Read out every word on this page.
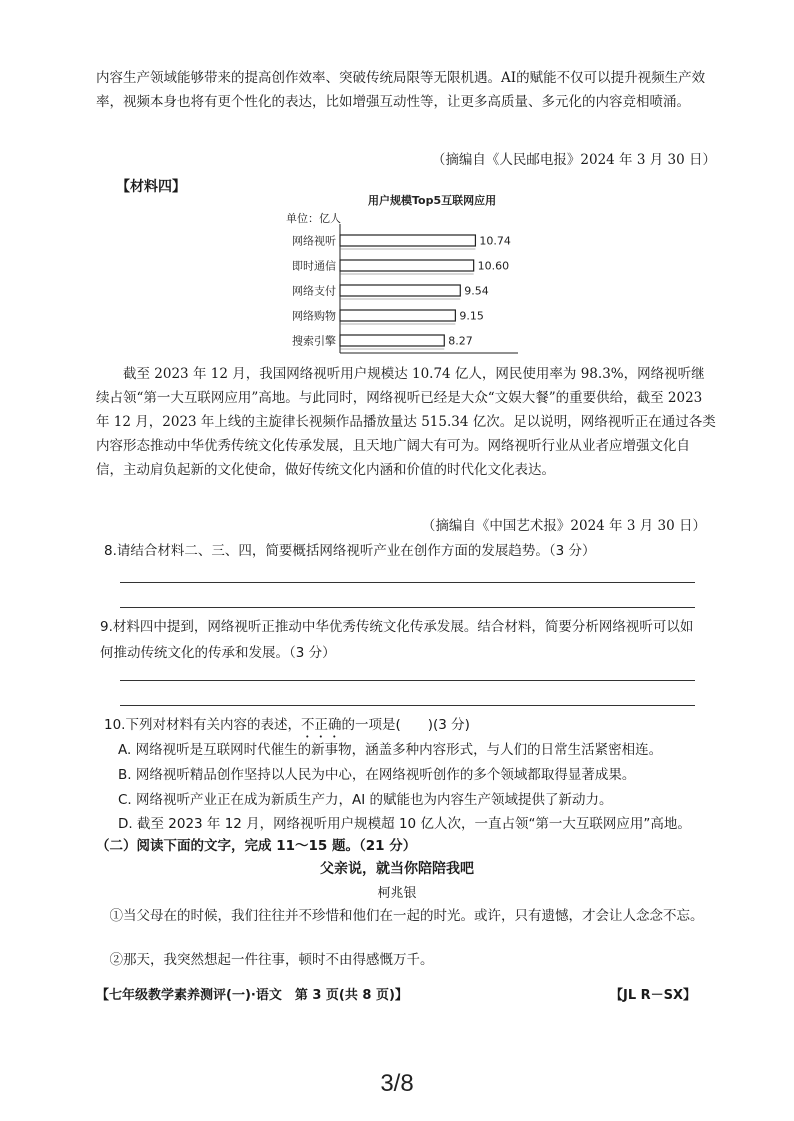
内容生产领域能够带来的提高创作效率、突破传统局限等无限机遇。AI的赋能不仅可以提升视频生产效率，视频本身也将有更个性化的表达，比如增强互动性等，让更多高质量、多元化的内容竞相喷涌。

（摘编自《人民邮电报》2024 年 3 月 30 日）
【材料四】
用户规模Top5互联网应用
单位：亿人
网络视听	10.74
即时通信	10.60
网络支付	9.54
网络购物	9.15
搜索引擎	8.27

截至 2023 年 12 月，我国网络视听用户规模达 10.74 亿人，网民使用率为 98.3%，网络视听继续占领“第一大互联网应用”高地。与此同时，网络视听已经是大众“文娱大餐”的重要供给，截至 2023 年 12 月，2023 年上线的主旋律长视频作品播放量达 515.34 亿次。足以说明，网络视听正在通过各类内容形态推动中华优秀传统文化传承发展，且天地广阔大有可为。网络视听行业从业者应增强文化自信，主动肩负起新的文化使命，做好传统文化内涵和价值的时代化文化表达。

（摘编自《中国艺术报》2024 年 3 月 30 日）

8.请结合材料二、三、四，简要概括网络视听产业在创作方面的发展趋势。（3 分）

9.材料四中提到，网络视听正推动中华优秀传统文化传承发展。结合材料，简要分析网络视听可以如何推动传统文化的传承和发展。（3 分）

10.下列对材料有关内容的表述，不正确的一项是(　　)(3 分)
A. 网络视听是互联网时代催生的新事物，涵盖多种内容形式，与人们的日常生活紧密相连。
B. 网络视听精品创作坚持以人民为中心，在网络视听创作的多个领域都取得显著成果。
C. 网络视听产业正在成为新质生产力，AI 的赋能也为内容生产领域提供了新动力。
D. 截至 2023 年 12 月，网络视听用户规模超 10 亿人次，一直占领“第一大互联网应用”高地。
（二）阅读下面的文字，完成 11～15 题。（21 分）
父亲说，就当你陪陪我吧
柯兆银

①当父母在的时候，我们往往并不珍惜和他们在一起的时光。或许，只有遗憾，才会让人念念不忘。

②那天，我突然想起一件往事，顿时不由得感慨万千。

【七年级教学素养测评(一)·语文　第 3 页(共 8 页)】	【JL R－SX】
3/8
